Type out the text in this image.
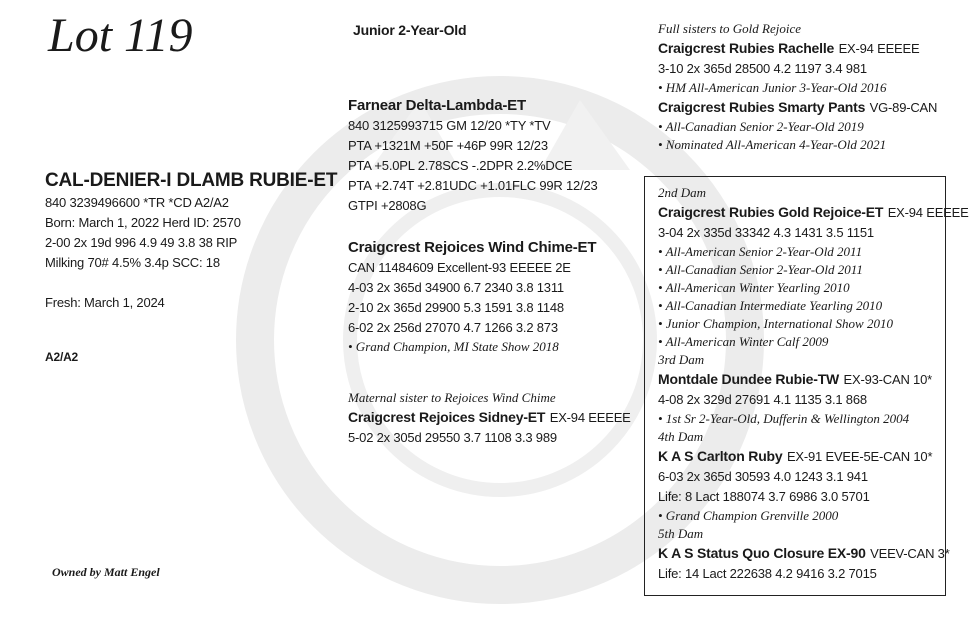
Lot 119	Junior 2-Year-Old
CAL-DENIER-I DLAMB RUBIE-ET
840 3239496600 *TR *CD A2/A2
Born: March 1, 2022 Herd ID: 2570
2-00 2x 19d 996 4.9 49 3.8 38 RIP
Milking 70# 4.5% 3.4p SCC: 18
Fresh: March 1, 2024
A2/A2
Owned by Matt Engel
Farnear Delta-Lambda-ET
840 3125993715 GM 12/20 *TY *TV
PTA +1321M +50F +46P 99R 12/23
PTA +5.0PL 2.78SCS -.2DPR 2.2%DCE
PTA +2.74T +2.81UDC +1.01FLC 99R 12/23
GTPI +2808G
Craigcrest Rejoices Wind Chime-ET
CAN 11484609 Excellent-93 EEEEE 2E
4-03 2x 365d 34900 6.7 2340 3.8 1311
2-10 2x 365d 29900 5.3 1591 3.8 1148
6-02 2x 256d 27070 4.7 1266 3.2 873
• Grand Champion, MI State Show 2018
Maternal sister to Rejoices Wind Chime
Craigcrest Rejoices Sidney-ET EX-94 EEEEE
5-02 2x 305d 29550 3.7 1108 3.3 989
Full sisters to Gold Rejoice
Craigcrest Rubies Rachelle EX-94 EEEEE
3-10 2x 365d 28500 4.2 1197 3.4 981
• HM All-American Junior 3-Year-Old 2016
Craigcrest Rubies Smarty Pants VG-89-CAN
• All-Canadian Senior 2-Year-Old 2019
• Nominated All-American 4-Year-Old 2021
2nd Dam
Craigcrest Rubies Gold Rejoice-ET EX-94 EEEEE
3-04 2x 335d 33342 4.3 1431 3.5 1151
• All-American Senior 2-Year-Old 2011
• All-Canadian Senior 2-Year-Old 2011
• All-American Winter Yearling 2010
• All-Canadian Intermediate Yearling 2010
• Junior Champion, International Show 2010
• All-American Winter Calf 2009
3rd Dam
Montdale Dundee Rubie-TW EX-93-CAN 10*
4-08 2x 329d 27691 4.1 1135 3.1 868
• 1st Sr 2-Year-Old, Dufferin & Wellington 2004
4th Dam
K A S Carlton Ruby EX-91 EVEE-5E-CAN 10*
6-03 2x 365d 30593 4.0 1243 3.1 941
Life: 8 Lact 188074 3.7 6986 3.0 5701
• Grand Champion Grenville 2000
5th Dam
K A S Status Quo Closure EX-90 VEEV-CAN 3*
Life: 14 Lact 222638 4.2 9416 3.2 7015
